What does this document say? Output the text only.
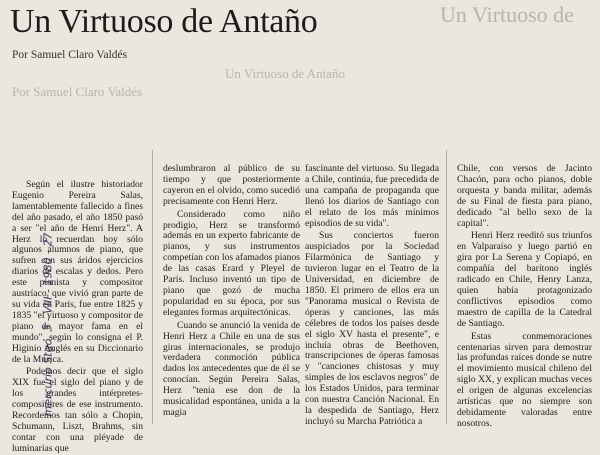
Un Virtuoso de
Un Virtuoso de Antaño
Por Samuel Claro Valdés
Un Virtuoso de Antaño
Por Samuel Claro Valdés

Según el ilustre historiador Eugenio Pereira Salas, lamentablemente fallecido a fines del año pasado, el año 1850 pasó a ser "el año de Henri Herz". A Herz lo recuerdan hoy sólo algunos alumnos de piano, que sufren con sus áridos ejercicios diarios de escalas y dedos. Pero este pianista y compositor austríaco, que vivió gran parte de su vida en París, fue entre 1825 y 1835 "el virtuoso y compositor de piano de mayor fama en el mundo", según lo consigna el P. Higinio Anglés en su Diccionario de la Música.

Podemos decir que el siglo XIX fue el siglo del piano y de los grandes intérpretes-compositores de ese instrumento. Recordemos tan sólo a Chopin, Schumann, Liszt, Brahms, sin contar con una pléyade de luminarias que

deslumbraron al público de su tiempo y que posteriormente cayeron en el olvido, como sucedió precisamente con Henri Herz.

Considerado como niño prodigio, Herz se transformó además en un experto fabricante de pianos, y sus instrumentos competían con los afamados pianos de las casas Erard y Pleyel de París. Incluso inventó un tipo de piano que gozó de mucha popularidad en su época, por sus elegantes formas arquitectónicas.

Cuando se anunció la venida de Henri Herz a Chile en una de sus giras internacionales, se produjo verdadera conmoción pública dados los antecedentes que de él se conocían. Según Pereira Salas, Herz "tenía ese don de la musicalidad espontánea, unida a la magia

fascinante del virtuoso. Su llegada a Chile, continúa, fue precedida de una campaña de propaganda que llenó los diarios de Santiago con el relato de los más mínimos episodios de su vida".

Sus conciertos fueron auspiciados por la Sociedad Filarmónica de Santiago y tuvieron lugar en el Teatro de la Universidad, en diciembre de 1850. El primero de ellos era un "Panorama musical o Revista de óperas y canciones, las más célebres de todos los países desde el siglo XV hasta el presente", e incluía obras de Beethoven, transcripciones de óperas famosas y "canciones chistosas y muy simples de los esclavos negros" de los Estados Unidos, para terminar con nuestra Canción Nacional. En la despedida de Santiago, Herz incluyó su Marcha Patriótica a

Chile, con versos de Jacinto Chacón, para ocho pianos, doble orquesta y banda militar, además de su Final de fiesta para piano, dedicado "al bello sexo de la capital".

Henri Herz reeditó sus triunfos en Valparaíso y luego partió en gira por La Serena y Copiapó, en compañía del barítono inglés radicado en Chile, Henry Lanza, quien había protagonizado conflictivos episodios como maestro de capilla de la Catedral de Santiago.

Estas conmemoraciones centenarias sirven para demostrar las profundas raíces donde se nutre el movimiento musical chileno del siglo XX, y explican muchas veces el origen de algunas excelencias artísticas que no siempre son debidamente valoradas entre nosotros.

mercurio Stgo. 3 - VIII - 1980 - 27
